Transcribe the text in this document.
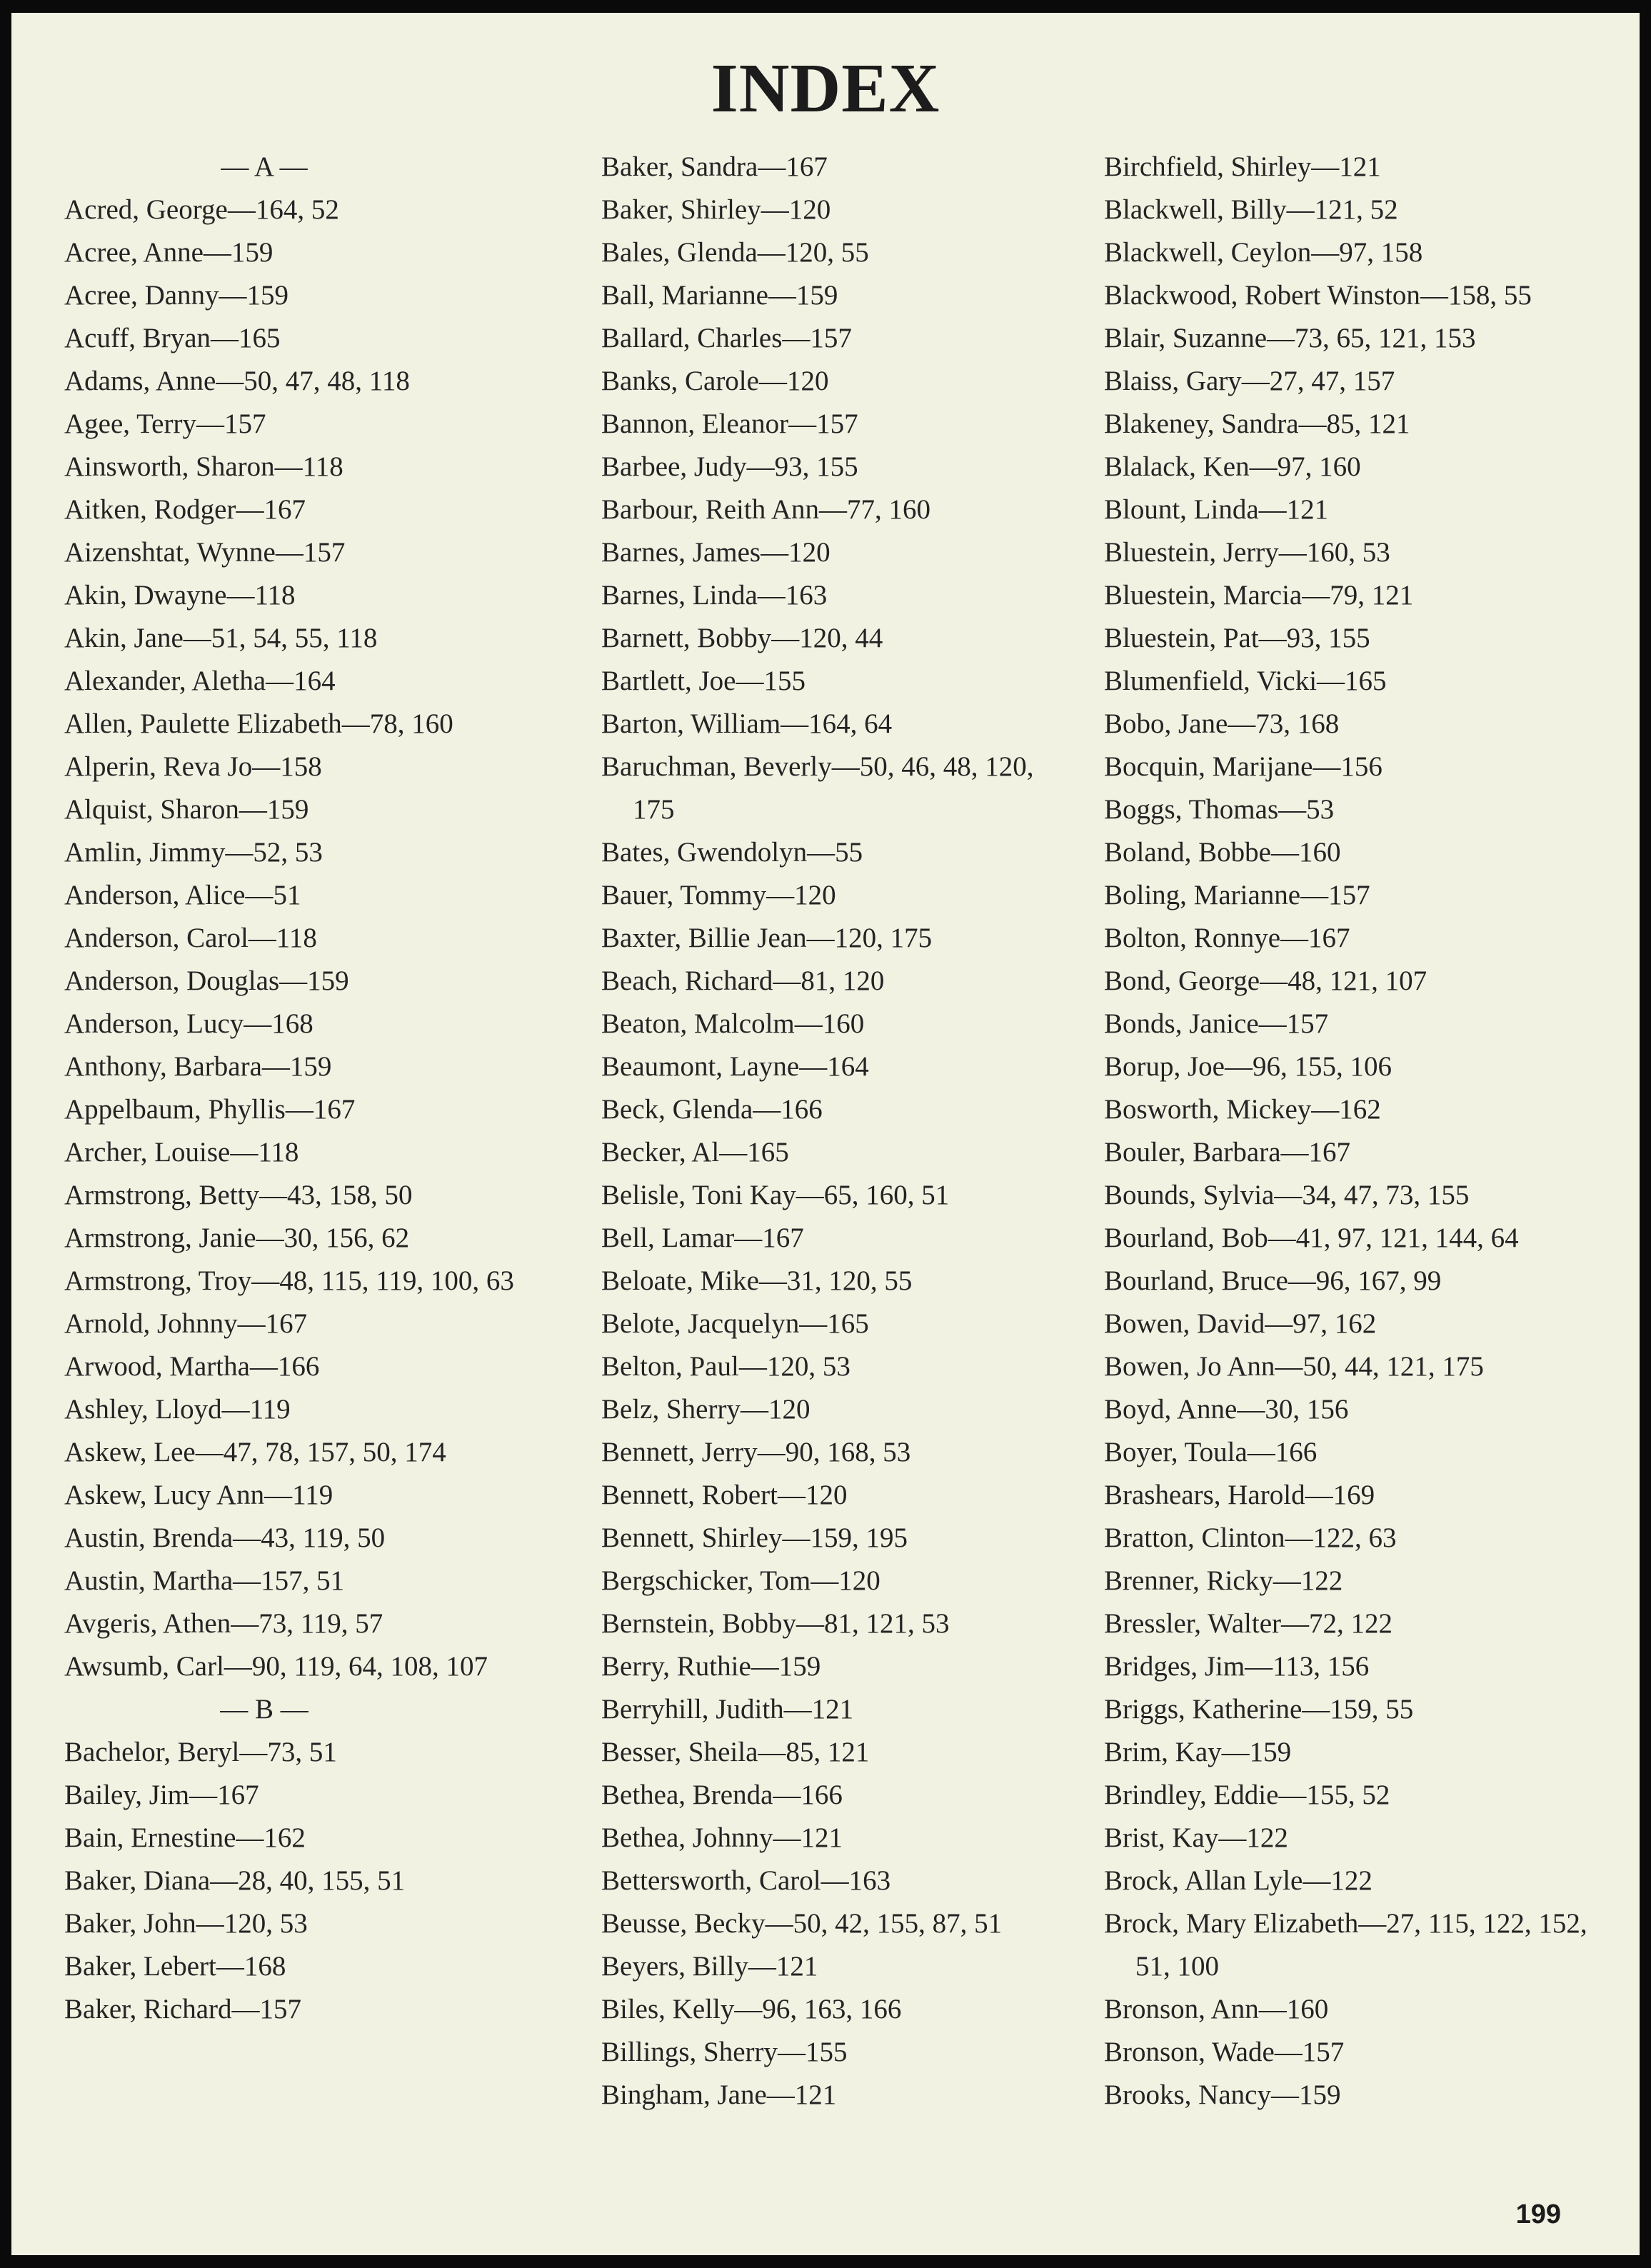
INDEX
— A —
Acred, George—164, 52
Acree, Anne—159
Acree, Danny—159
Acuff, Bryan—165
Adams, Anne—50, 47, 48, 118
Agee, Terry—157
Ainsworth, Sharon—118
Aitken, Rodger—167
Aizenshtat, Wynne—157
Akin, Dwayne—118
Akin, Jane—51, 54, 55, 118
Alexander, Aletha—164
Allen, Paulette Elizabeth—78, 160
Alperin, Reva Jo—158
Alquist, Sharon—159
Amlin, Jimmy—52, 53
Anderson, Alice—51
Anderson, Carol—118
Anderson, Douglas—159
Anderson, Lucy—168
Anthony, Barbara—159
Appelbaum, Phyllis—167
Archer, Louise—118
Armstrong, Betty—43, 158, 50
Armstrong, Janie—30, 156, 62
Armstrong, Troy—48, 115, 119, 100, 63
Arnold, Johnny—167
Arwood, Martha—166
Ashley, Lloyd—119
Askew, Lee—47, 78, 157, 50, 174
Askew, Lucy Ann—119
Austin, Brenda—43, 119, 50
Austin, Martha—157, 51
Avgeris, Athen—73, 119, 57
Awsumb, Carl—90, 119, 64, 108, 107
— B —
Bachelor, Beryl—73, 51
Bailey, Jim—167
Bain, Ernestine—162
Baker, Diana—28, 40, 155, 51
Baker, John—120, 53
Baker, Lebert—168
Baker, Richard—157
Baker, Sandra—167
Baker, Shirley—120
Bales, Glenda—120, 55
Ball, Marianne—159
Ballard, Charles—157
Banks, Carole—120
Bannon, Eleanor—157
Barbee, Judy—93, 155
Barbour, Reith Ann—77, 160
Barnes, James—120
Barnes, Linda—163
Barnett, Bobby—120, 44
Bartlett, Joe—155
Barton, William—164, 64
Baruchman, Beverly—50, 46, 48, 120, 175
Bates, Gwendolyn—55
Bauer, Tommy—120
Baxter, Billie Jean—120, 175
Beach, Richard—81, 120
Beaton, Malcolm—160
Beaumont, Layne—164
Beck, Glenda—166
Becker, Al—165
Belisle, Toni Kay—65, 160, 51
Bell, Lamar—167
Beloate, Mike—31, 120, 55
Belote, Jacquelyn—165
Belton, Paul—120, 53
Belz, Sherry—120
Bennett, Jerry—90, 168, 53
Bennett, Robert—120
Bennett, Shirley—159, 195
Bergschicker, Tom—120
Bernstein, Bobby—81, 121, 53
Berry, Ruthie—159
Berryhill, Judith—121
Besser, Sheila—85, 121
Bethea, Brenda—166
Bethea, Johnny—121
Bettersworth, Carol—163
Beusse, Becky—50, 42, 155, 87, 51
Beyers, Billy—121
Biles, Kelly—96, 163, 166
Billings, Sherry—155
Bingham, Jane—121
Birchfield, Shirley—121
Blackwell, Billy—121, 52
Blackwell, Ceylon—97, 158
Blackwood, Robert Winston—158, 55
Blair, Suzanne—73, 65, 121, 153
Blaiss, Gary—27, 47, 157
Blakeney, Sandra—85, 121
Blalack, Ken—97, 160
Blount, Linda—121
Bluestein, Jerry—160, 53
Bluestein, Marcia—79, 121
Bluestein, Pat—93, 155
Blumenfield, Vicki—165
Bobo, Jane—73, 168
Bocquin, Marijane—156
Boggs, Thomas—53
Boland, Bobbe—160
Boling, Marianne—157
Bolton, Ronnye—167
Bond, George—48, 121, 107
Bonds, Janice—157
Borup, Joe—96, 155, 106
Bosworth, Mickey—162
Bouler, Barbara—167
Bounds, Sylvia—34, 47, 73, 155
Bourland, Bob—41, 97, 121, 144, 64
Bourland, Bruce—96, 167, 99
Bowen, David—97, 162
Bowen, Jo Ann—50, 44, 121, 175
Boyd, Anne—30, 156
Boyer, Toula—166
Brashears, Harold—169
Bratton, Clinton—122, 63
Brenner, Ricky—122
Bressler, Walter—72, 122
Bridges, Jim—113, 156
Briggs, Katherine—159, 55
Brim, Kay—159
Brindley, Eddie—155, 52
Brist, Kay—122
Brock, Allan Lyle—122
Brock, Mary Elizabeth—27, 115, 122, 152, 51, 100
Bronson, Ann—160
Bronson, Wade—157
Brooks, Nancy—159
199
